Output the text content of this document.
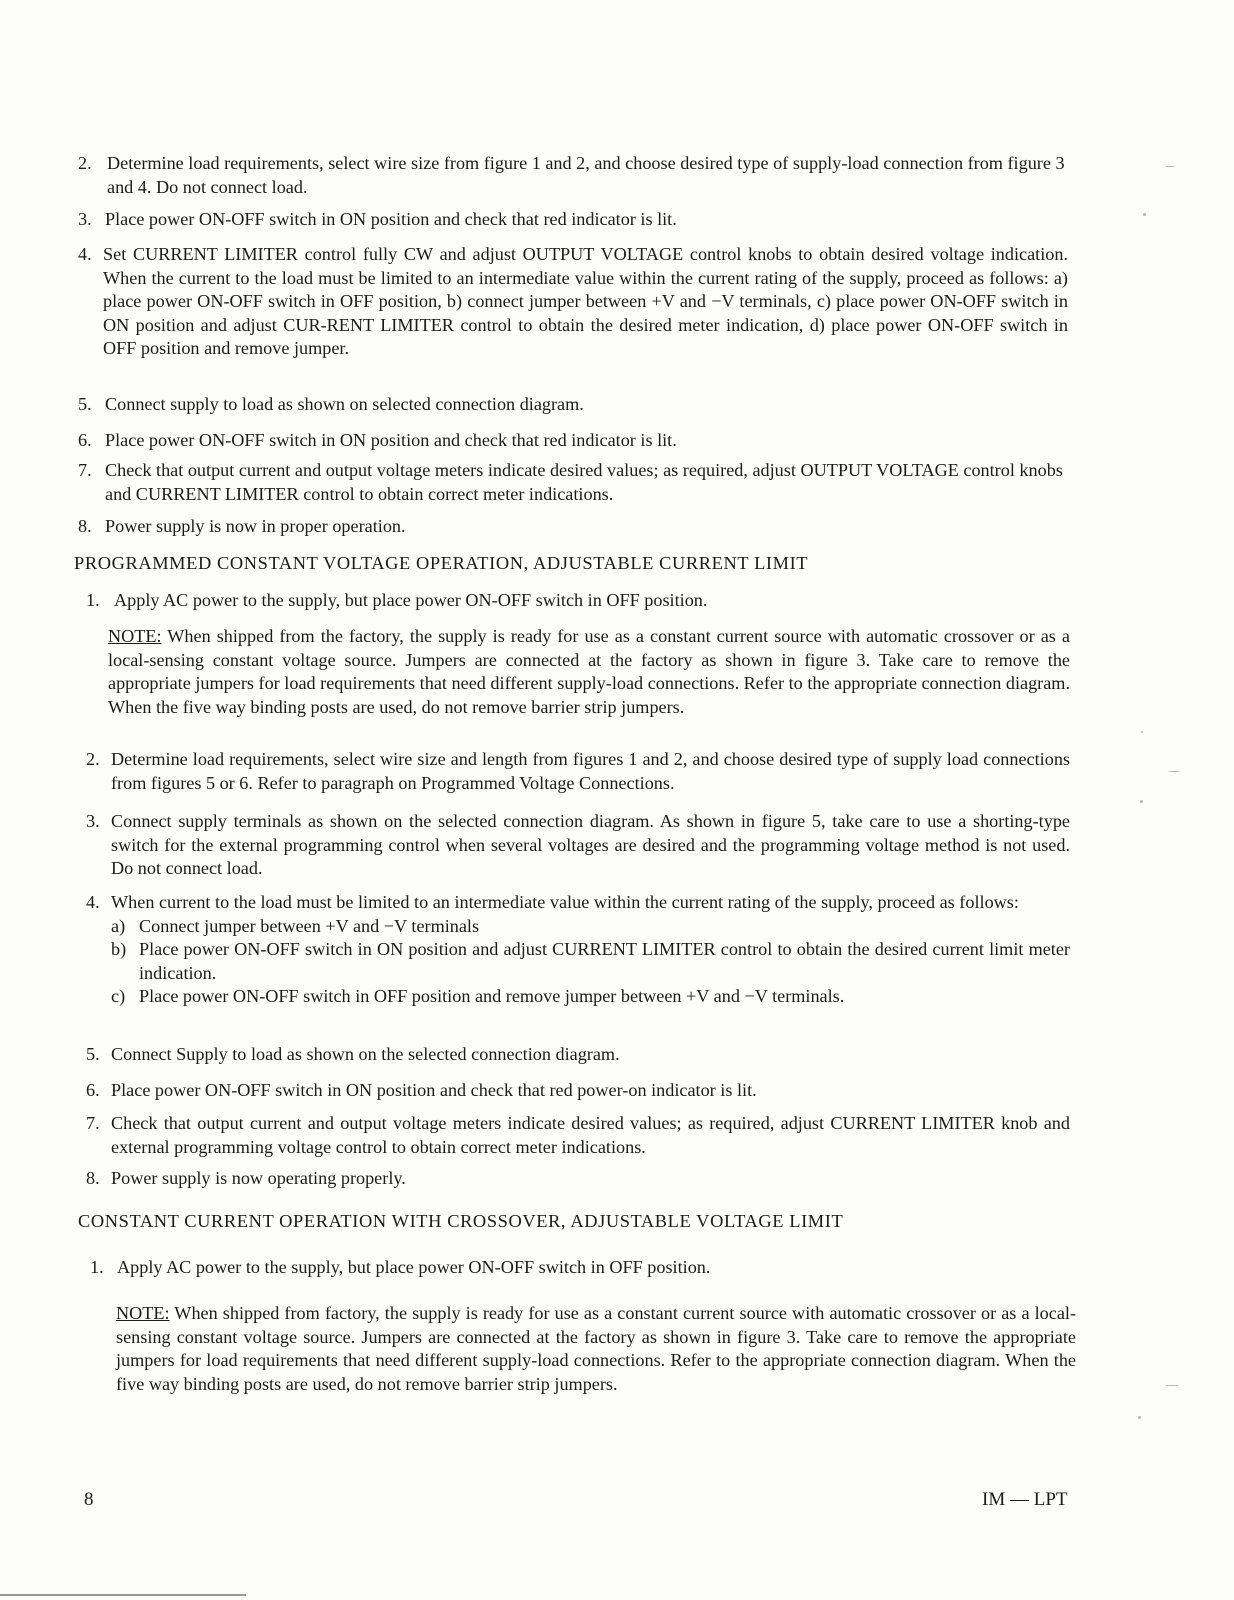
2. Determine load requirements, select wire size from figure 1 and 2, and choose desired type of supply-load connection from figure 3 and 4. Do not connect load.
3. Place power ON-OFF switch in ON position and check that red indicator is lit.
4. Set CURRENT LIMITER control fully CW and adjust OUTPUT VOLTAGE control knobs to obtain desired voltage indication. When the current to the load must be limited to an intermediate value within the current rating of the supply, proceed as follows: a) place power ON-OFF switch in OFF position, b) connect jumper between +V and −V terminals, c) place power ON-OFF switch in ON position and adjust CUR-RENT LIMITER control to obtain the desired meter indication, d) place power ON-OFF switch in OFF position and remove jumper.
5. Connect supply to load as shown on selected connection diagram.
6. Place power ON-OFF switch in ON position and check that red indicator is lit.
7. Check that output current and output voltage meters indicate desired values; as required, adjust OUTPUT VOLTAGE control knobs and CURRENT LIMITER control to obtain correct meter indications.
8. Power supply is now in proper operation.
PROGRAMMED CONSTANT VOLTAGE OPERATION, ADJUSTABLE CURRENT LIMIT
1. Apply AC power to the supply, but place power ON-OFF switch in OFF position.
NOTE: When shipped from the factory, the supply is ready for use as a constant current source with automatic crossover or as a local-sensing constant voltage source. Jumpers are connected at the factory as shown in figure 3. Take care to remove the appropriate jumpers for load requirements that need different supply-load connections. Refer to the appropriate connection diagram. When the five way binding posts are used, do not remove barrier strip jumpers.
2. Determine load requirements, select wire size and length from figures 1 and 2, and choose desired type of supply load connections from figures 5 or 6. Refer to paragraph on Programmed Voltage Connections.
3. Connect supply terminals as shown on the selected connection diagram. As shown in figure 5, take care to use a shorting-type switch for the external programming control when several voltages are desired and the programming voltage method is not used. Do not connect load.
4. When current to the load must be limited to an intermediate value within the current rating of the supply, proceed as follows:
a) Connect jumper between +V and −V terminals
b) Place power ON-OFF switch in ON position and adjust CURRENT LIMITER control to obtain the desired current limit meter indication.
c) Place power ON-OFF switch in OFF position and remove jumper between +V and −V terminals.
5. Connect Supply to load as shown on the selected connection diagram.
6. Place power ON-OFF switch in ON position and check that red power-on indicator is lit.
7. Check that output current and output voltage meters indicate desired values; as required, adjust CURRENT LIMITER knob and external programming voltage control to obtain correct meter indications.
8. Power supply is now operating properly.
CONSTANT CURRENT OPERATION WITH CROSSOVER, ADJUSTABLE VOLTAGE LIMIT
1. Apply AC power to the supply, but place power ON-OFF switch in OFF position.
NOTE: When shipped from factory, the supply is ready for use as a constant current source with automatic crossover or as a local-sensing constant voltage source. Jumpers are connected at the factory as shown in figure 3. Take care to remove the appropriate jumpers for load requirements that need different supply-load connections. Refer to the appropriate connection diagram. When the five way binding posts are used, do not remove barrier strip jumpers.
8	IM — LPT
